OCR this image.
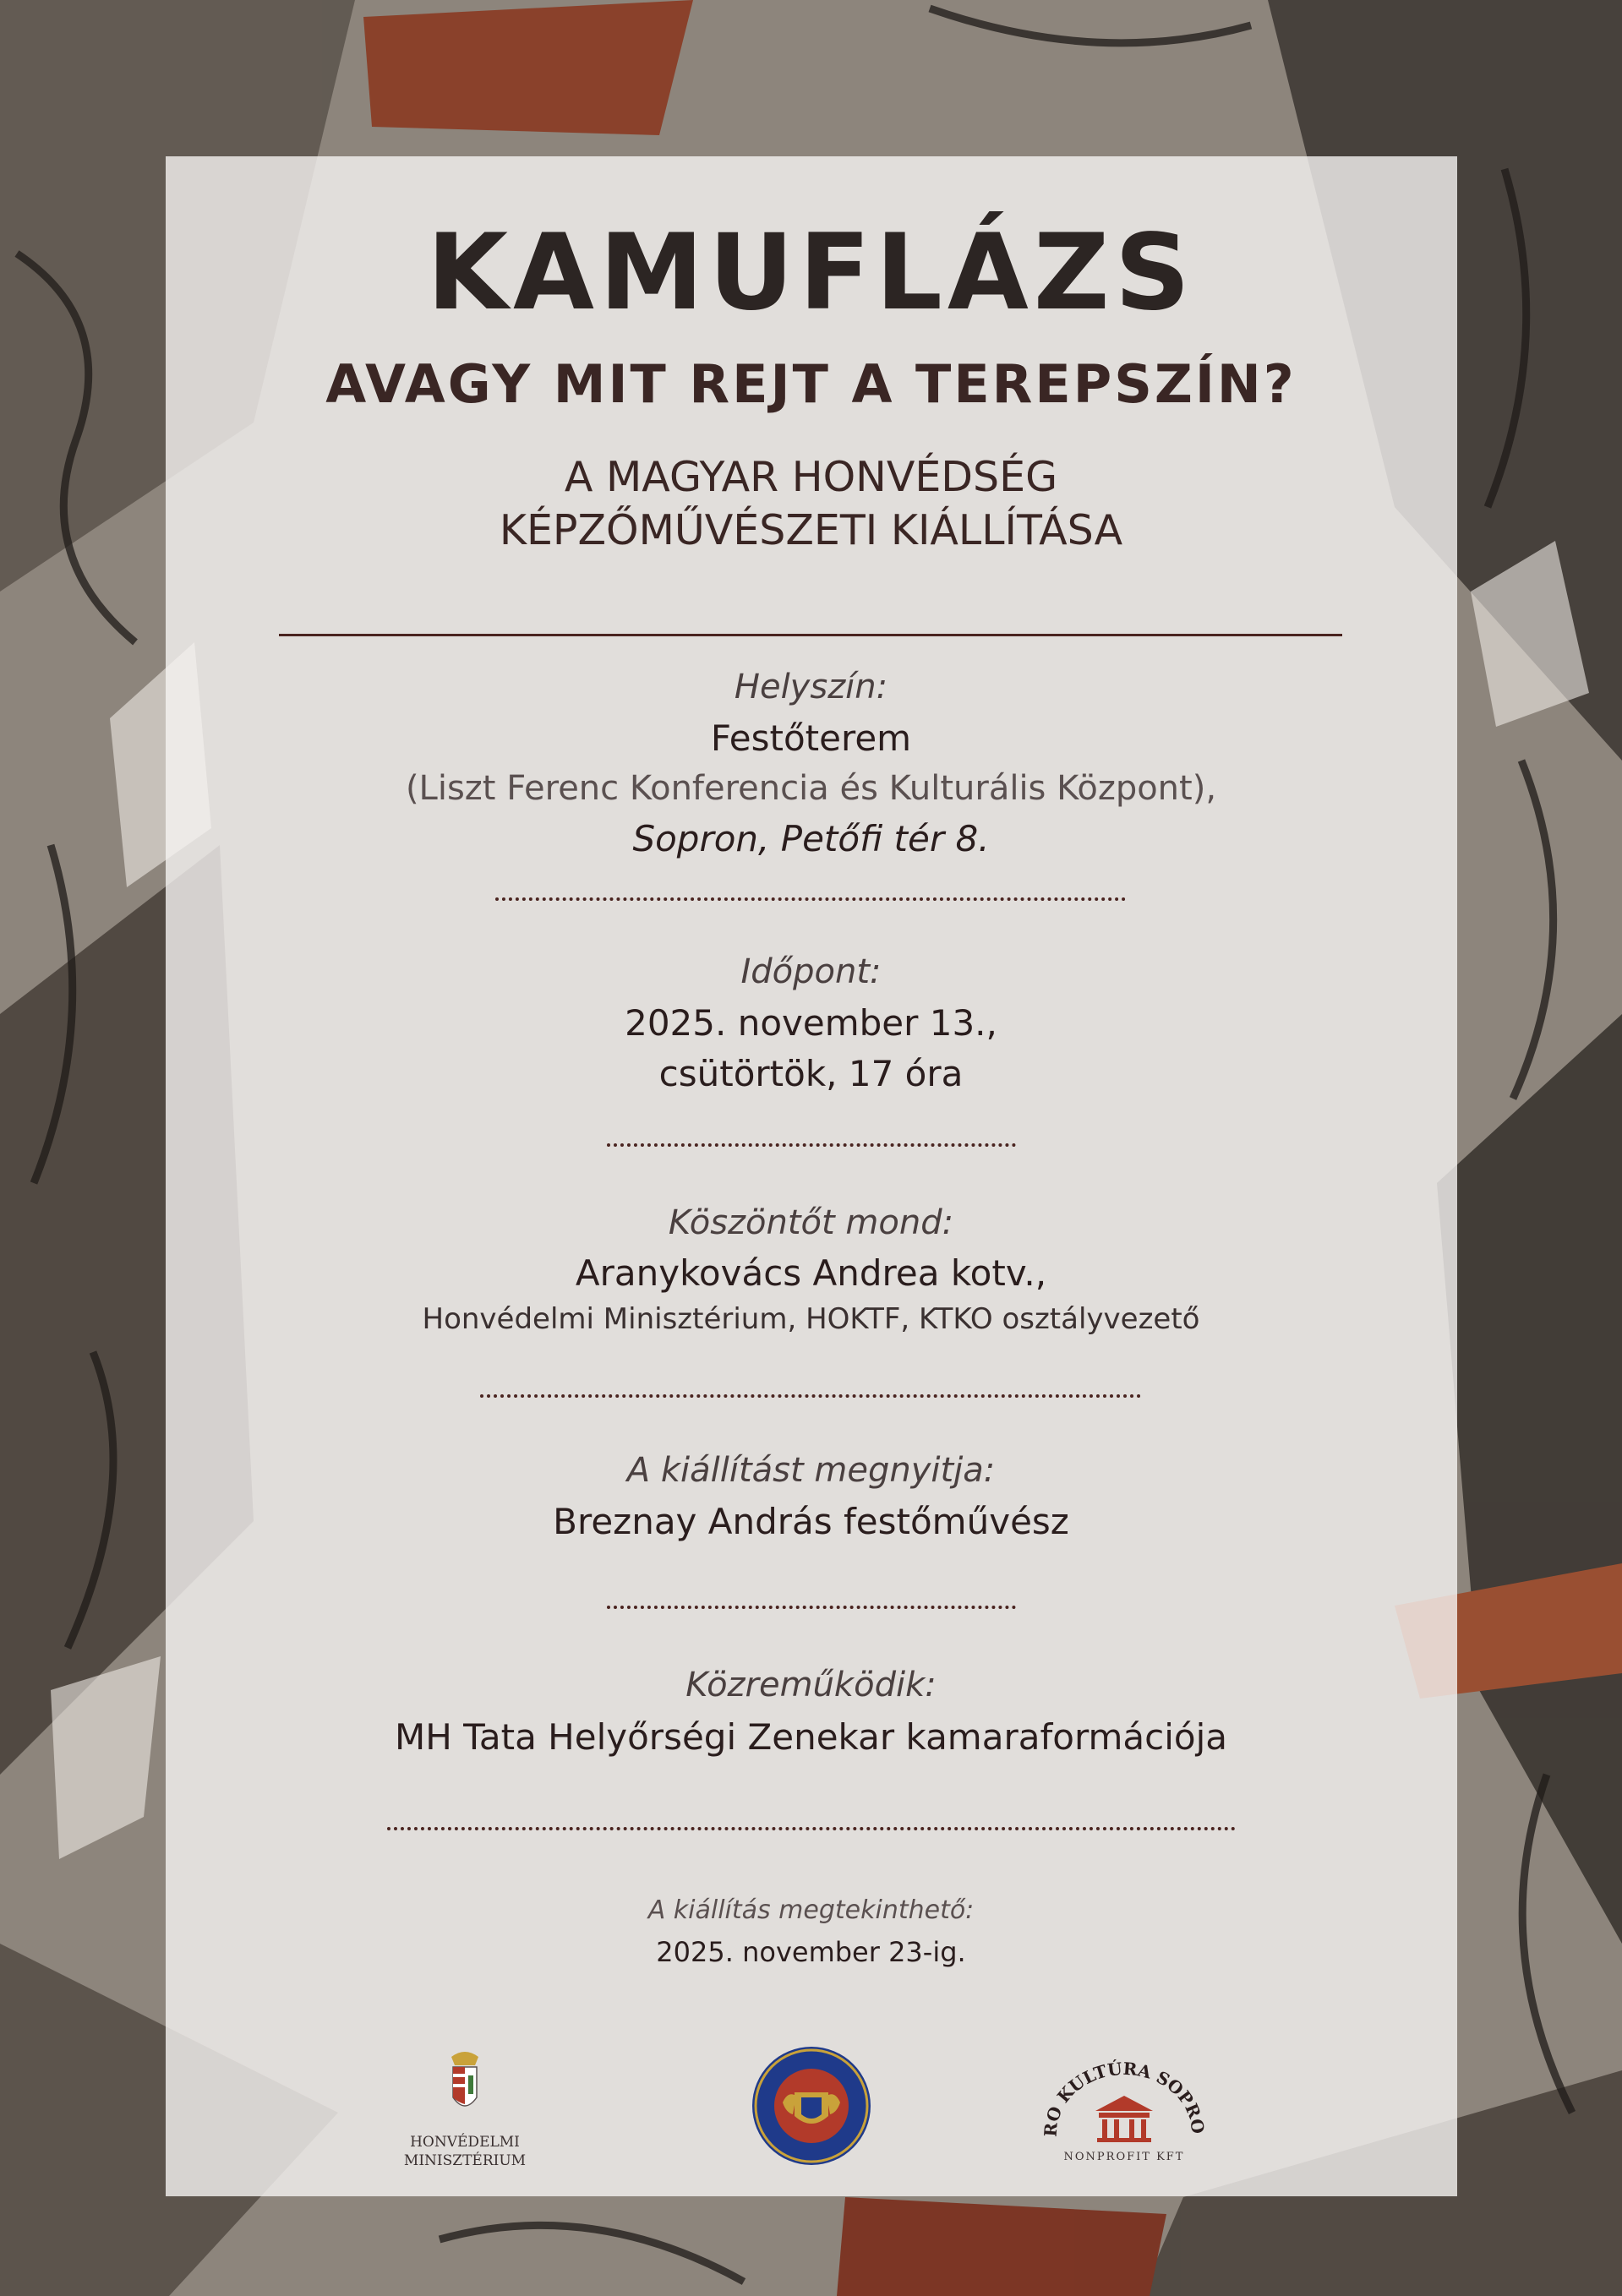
KAMUFLÁZS
AVAGY MIT REJT A TEREPSZÍN?
A MAGYAR HONVÉDSÉG
KÉPZŐMŰVÉSZETI KIÁLLÍTÁSA
Helyszín:
Festőterem
(Liszt Ferenc Konferencia és Kulturális Központ),
Sopron, Petőfi tér 8.
Időpont:
2025. november 13.,
csütörtök, 17 óra
Köszöntőt mond:
Aranykovács Andrea kotv.,
Honvédelmi Minisztérium, HOKTF, KTKO osztályvezető
A kiállítást megnyitja:
Breznay András festőművész
Közreműködik:
MH Tata Helyőrségi Zenekar kamaraformációja
A kiállítás megtekinthető:
2025. november 23-ig.
HONVÉDELMI
MINISZTÉRIUM
RO KULTÚRA SOPRO
NONPROFIT KFT
